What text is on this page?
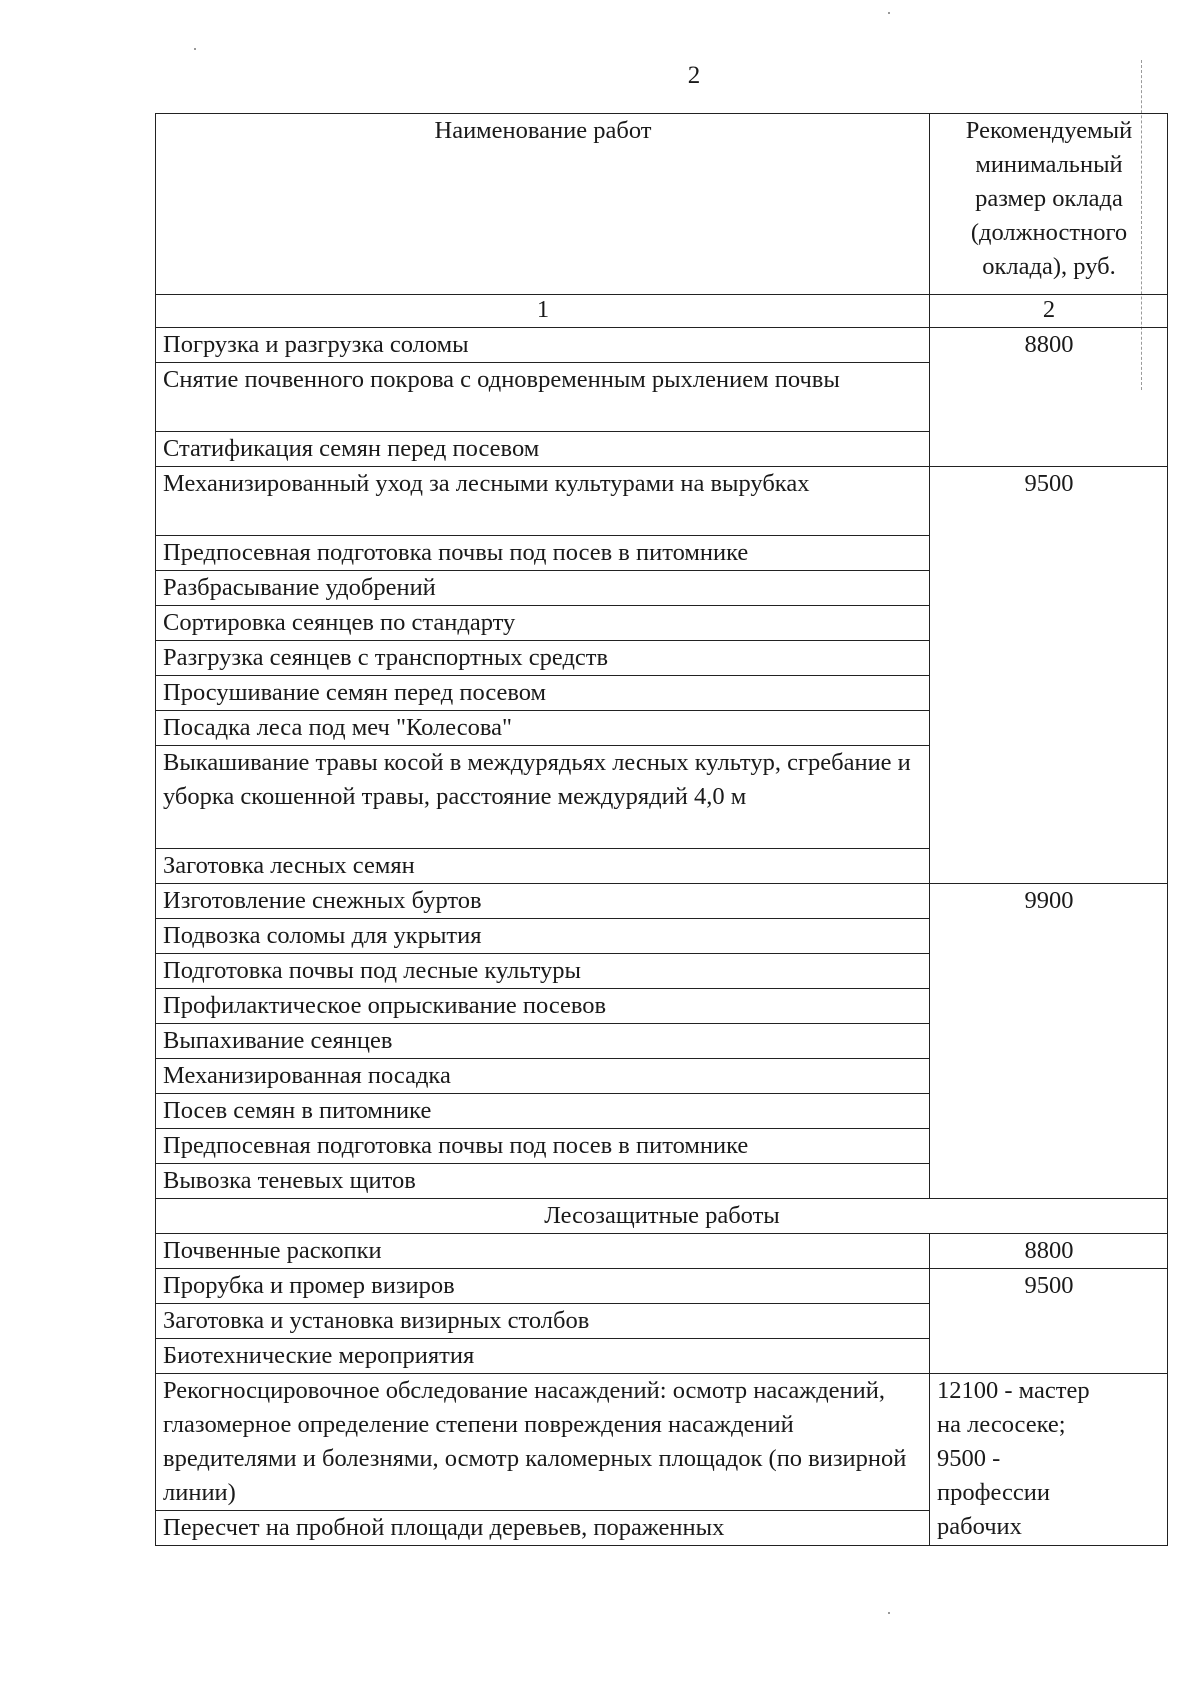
2
Наименование работ	Рекомендуемый
минимальный
размер оклада
(должностного
оклада), руб.

1	2
Погрузка и разгрузка соломы	8800
Снятие почвенного покрова с одновременным рыхлением почвы	
Статификация семян перед посевом	
Механизированный уход за лесными культурами на вырубках	9500
Предпосевная подготовка почвы под посев в питомнике	
Разбрасывание удобрений	
Сортировка сеянцев по стандарту	
Разгрузка сеянцев с транспортных средств	
Просушивание семян перед посевом	
Посадка леса под меч "Колесова"	
Выкашивание травы косой в междурядьях лесных культур, сгребание и уборка скошенной травы, расстояние междурядий 4,0 м	
Заготовка лесных семян	
Изготовление снежных буртов	9900
Подвозка соломы для укрытия	
Подготовка почвы под лесные культуры	
Профилактическое опрыскивание посевов	
Выпахивание сеянцев	
Механизированная посадка	
Посев семян в питомнике	
Предпосевная подготовка почвы под посев в питомнике	
Вывозка теневых щитов	
Лесозащитные работы	
Почвенные раскопки	8800
Прорубка и промер визиров	9500
Заготовка и установка визирных столбов	
Биотехнические мероприятия	
Рекогносцировочное обследование насаждений: осмотр насаждений, глазомерное определение степени повреждения насаждений вредителями и болезнями, осмотр каломерных площадок (по визирной линии)	12100 - мастер
на лесосеке;
9500 -
профессии
рабочих

Пересчет на пробной площади деревьев, пораженных	
